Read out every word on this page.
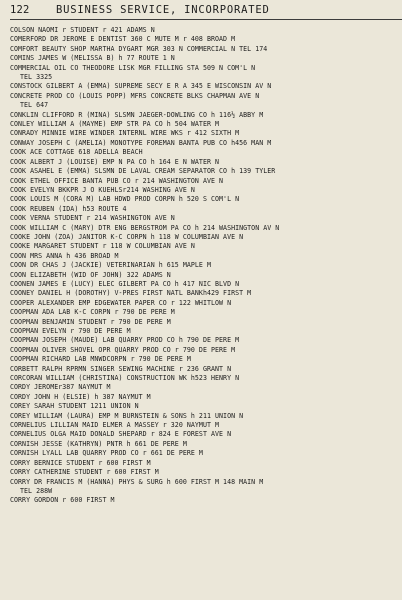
122	BUSINESS SERVICE, INCORPORATED
COLSON NAOMI r STUDENT r 421 ADAMS N
COMERFORD DR JEROME E DENTIST 360 C MUTE M r 408 BROAD M
COMFORT BEAUTY SHOP MARTHA DYGART MGR 303 N COMMERCIAL N TEL 174
COMINS JAMES W (MELISSA B) h 77 ROUTE 1 N
COMMERCIAL OIL CO THEODORE LISK MGR FILLING STA 509 N COM'L N
TEL 3325
CONSTOCK GILBERT A (EMMA) SUPREME SECY E R A 345 E WISCONSIN AV N
CONCRETE PROD CO (LOUIS POPP) MFRS CONCRETE BLKS CHAPMAN AVE N
TEL 647
CONKLIN CLIFFORD R (MINA) SLSMN JAEGER-DOWLING CO h 116½ ABBY M
CONLEY WILLIAM A (MAYME) EMP STR PA CO h 504 WATER M
CONRADY MINNIE WIRE WINDER INTERNL WIRE WKS r 412 SIXTH M
CONWAY JOSEPH C (AMELIA) MONOTYPE FOREMAN BANTA PUB CO h456 MAN M
COOK ACE COTTAGE 618 ADELLA BEACH
COOK ALBERT J (LOUISE) EMP N PA CO h 164 E N WATER N
COOK ASAHEL E (EMMA) SLSMN DE LAVAL CREAM SEPARATOR CO h 139 TYLER
COOK ETHEL OFFICE BANTA PUB CO r 214 WASHINGTON AVE N
COOK EVELYN BKKPR J O KUEHLSr214 WASHING AVE N
COOK LOUIS M (CORA M) LAB HDWD PROD CORPN h 520 S COM'L N
COOK REUBEN (IDA) h53 ROUTE 4
COOK VERNA STUDENT r 214 WASHINGTON AVE N
COOK WILLIAM C (MARY) DTR ENG BERGSTROM PA CO h 214 WASHINGTON AV N
COOKE JOHN (ZOA) JANITOR K-C CORPN h 118 W COLUMBIAN AVE N
COOKE MARGARET STUDENT r 118 W COLUMBIAN AVE N
COON MRS ANNA h 436 BROAD M
COON DR CHAS J (JACKIE) VETERINARIAN h 615 MAPLE M
COON ELIZABETH (WID OF JOHN) 322 ADAMS N
COONEN JAMES E (LUCY) ELEC GILBERT PA CO h 417 NIC BLVD N
COONEY DANIEL H (DOROTHY) V-PRES FIRST NATL BANKh429 FIRST M
COOPER ALEXANDER EMP EDGEWATER PAPER CO r 122 WHITLOW N
COOPMAN ADA LAB K-C CORPN r 790 DE PERE M
COOPMAN BENJAMIN STUDENT r 790 DE PERE M
COOPMAN EVELYN r 790 DE PERE M
COOPMAN JOSEPH (MAUDE) LAB QUARRY PROD CO h 790 DE PERE M
COOPMAN OLIVER SHOVEL OPR QUARRY PROD CO r 790 DE PERE M
COOPMAN RICHARD LAB MNWDCORPN r 790 DE PERE M
CORBETT RALPH RPRMN SINGER SEWING MACHINE r 236 GRANT N
CORCORAN WILLIAM (CHRISTINA) CONSTRUCTION WK h523 HENRY N
CORDY JEROMEr387 NAYMUT M
CORDY JOHN H (ELSIE) h 387 NAYMUT M
COREY SARAH STUDENT 1211 UNION N
COREY WILLIAM (LAURA) EMP M BURNSTEIN & SONS h 211 UNION N
CORNELIUS LILLIAN MAID ELMER A MASSEY r 320 NAYMUT M
CORNELIUS OLGA MAID DONALD SHEPARD r 824 E FOREST AVE N
CORNISH JESSE (KATHRYN) PNTR h 661 DE PERE M
CORNISH LYALL LAB QUARRY PROD CO r 661 DE PERE M
CORRY BERNICE STUDENT r 600 FIRST M
CORRY CATHERINE STUDENT r 600 FIRST M
CORRY DR FRANCIS M (HANNA) PHYS & SURG h 600 FIRST M 148 MAIN M
TEL 288W
CORRY GORDON r 600 FIRST M
